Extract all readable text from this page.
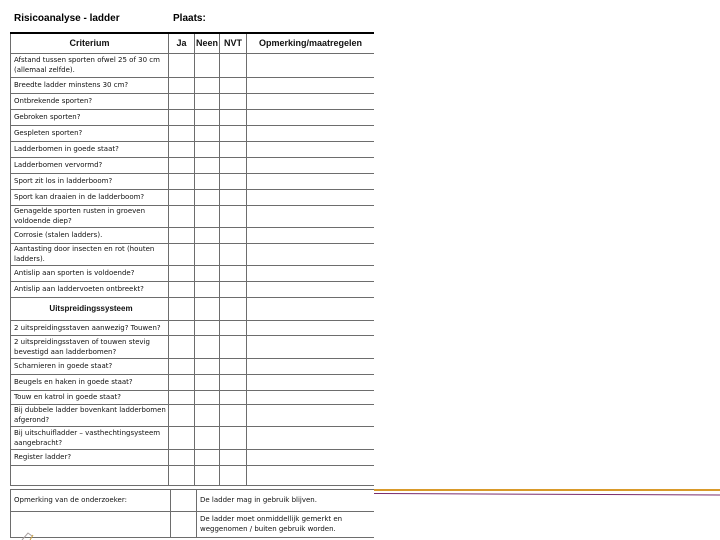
Risicoanalyse - ladder	Plaats:
Criterium	Ja	Neen	NVT	Opmerking/maatregelen
Afstand tussen sporten ofwel 25 of 30 cm (allemaal zelfde).				
Breedte ladder minstens 30 cm?				
Ontbrekende sporten?				
Gebroken sporten?				
Gespleten sporten?				
Ladderbomen in goede staat?				
Ladderbomen vervormd?				
Sport zit los in ladderboom?				
Sport kan draaien in de ladderboom?				
Genagelde sporten rusten in groeven voldoende diep?				
Corrosie (stalen ladders).				
Aantasting door insecten en rot (houten ladders).				
Antislip aan sporten is voldoende?				
Antislip aan laddervoeten ontbreekt?				
Uitspreidingssysteem				
2 uitspreidingsstaven aanwezig? Touwen?				
2 uitspreidingsstaven of touwen stevig bevestigd aan ladderbomen?				
Scharnieren in goede staat?				
Beugels en haken in goede staat?				
Touw en katrol in goede staat?				
Bij dubbele ladder bovenkant ladderbomen afgerond?				
Bij uitschuifladder – vasthechtingsysteem aangebracht?				
Register ladder?				

Opmerking van de onderzoeker:		De ladder mag in gebruik blijven.
		De ladder moet onmiddellijk gemerkt en weggenomen / buiten gebruik worden.
